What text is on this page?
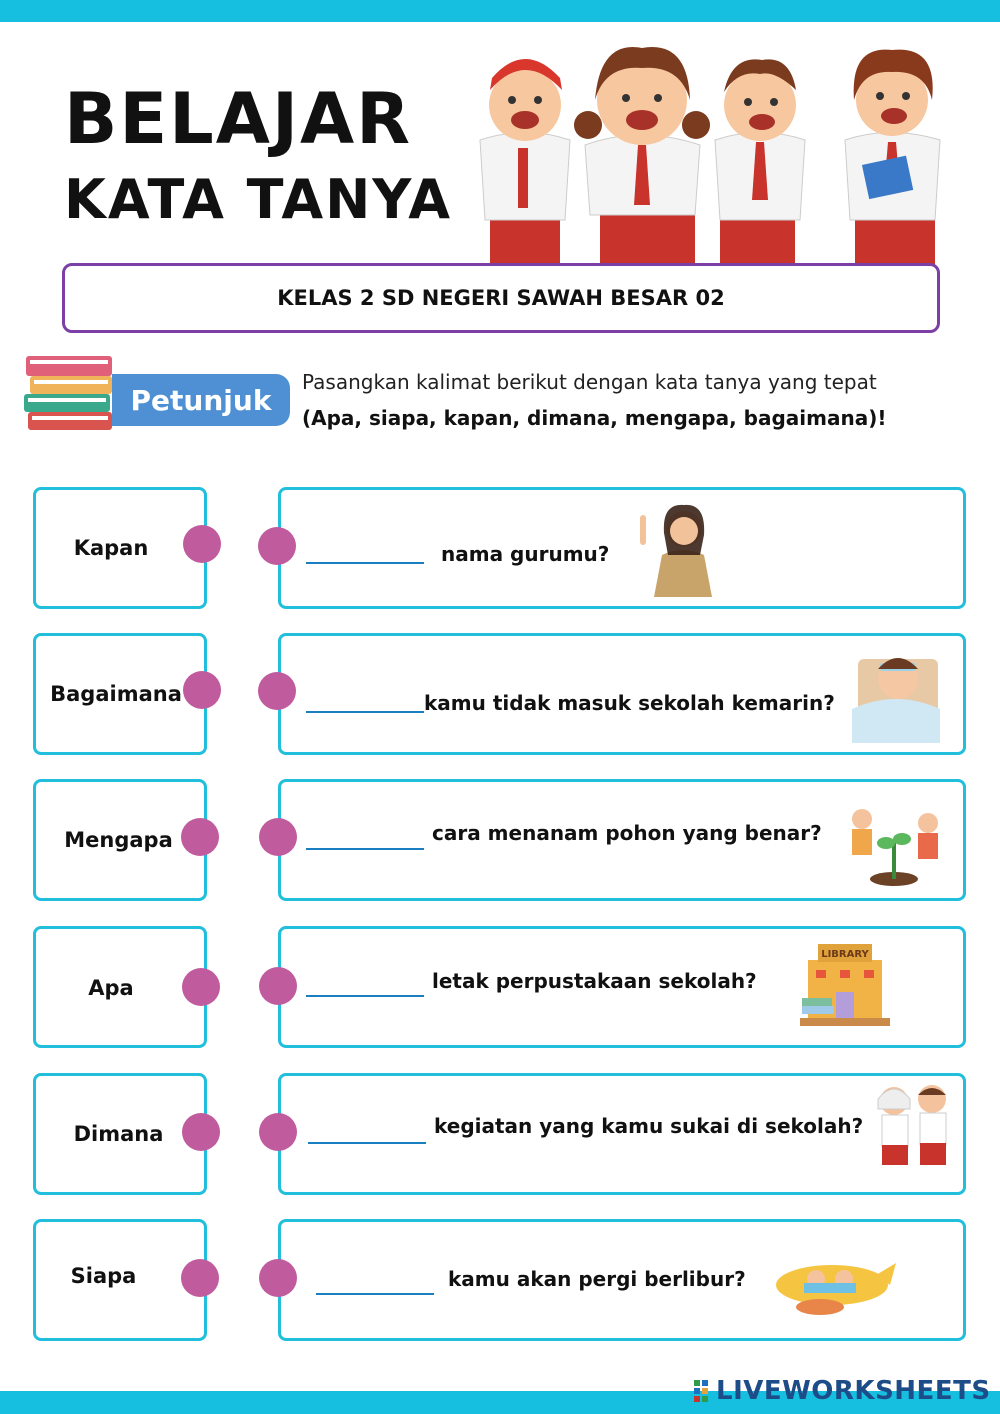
BELAJAR
KATA TANYA
KELAS 2 SD NEGERI SAWAH BESAR 02
Petunjuk
Pasangkan kalimat berikut dengan kata tanya yang tepat
(Apa, siapa, kapan, dimana, mengapa, bagaimana)!
Kapan	nama gurumu?
Bagaimana	kamu tidak masuk sekolah kemarin?
Mengapa	cara menanam pohon yang benar?
Apa	letak perpustakaan sekolah?
LIBRARY
Dimana	kegiatan yang kamu sukai di sekolah?
Siapa	kamu akan pergi berlibur?
LIVEWORKSHEETS
